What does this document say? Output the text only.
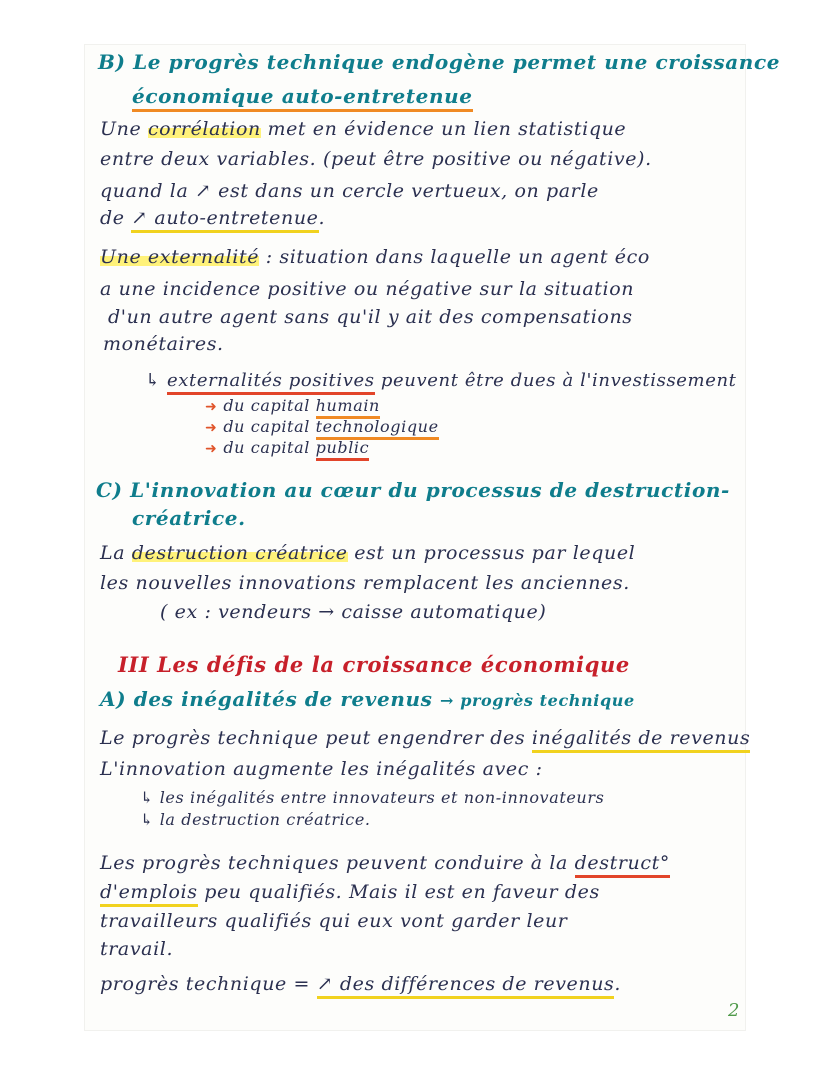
B) Le progrès technique endogène permet une croissance
économique auto-entretenue
Une corrélation met en évidence un lien statistique
entre deux variables. (peut être positive ou négative).
quand la ↗ est dans un cercle vertueux, on parle
de ↗ auto-entretenue.
Une externalité : situation dans laquelle un agent éco
a une incidence positive ou négative sur la situation
d'un autre agent sans qu'il y ait des compensations
monétaires.
↳ externalités positives peuvent être dues à l'investissement
➜ du capital humain
➜ du capital technologique
➜ du capital public
C) L'innovation au cœur du processus de destruction-
créatrice.
La destruction créatrice est un processus par lequel
les nouvelles innovations remplacent les anciennes.
( ex : vendeurs → caisse automatique)
III Les défis de la croissance économique
A) des inégalités de revenus → progrès technique
Le progrès technique peut engendrer des inégalités de revenus
L'innovation augmente les inégalités avec :
↳ les inégalités entre innovateurs et non-innovateurs
↳ la destruction créatrice.
Les progrès techniques peuvent conduire à la destruct°
d'emplois peu qualifiés. Mais il est en faveur des
travailleurs qualifiés qui eux vont garder leur
travail.
progrès technique = ↗ des différences de revenus.
2
